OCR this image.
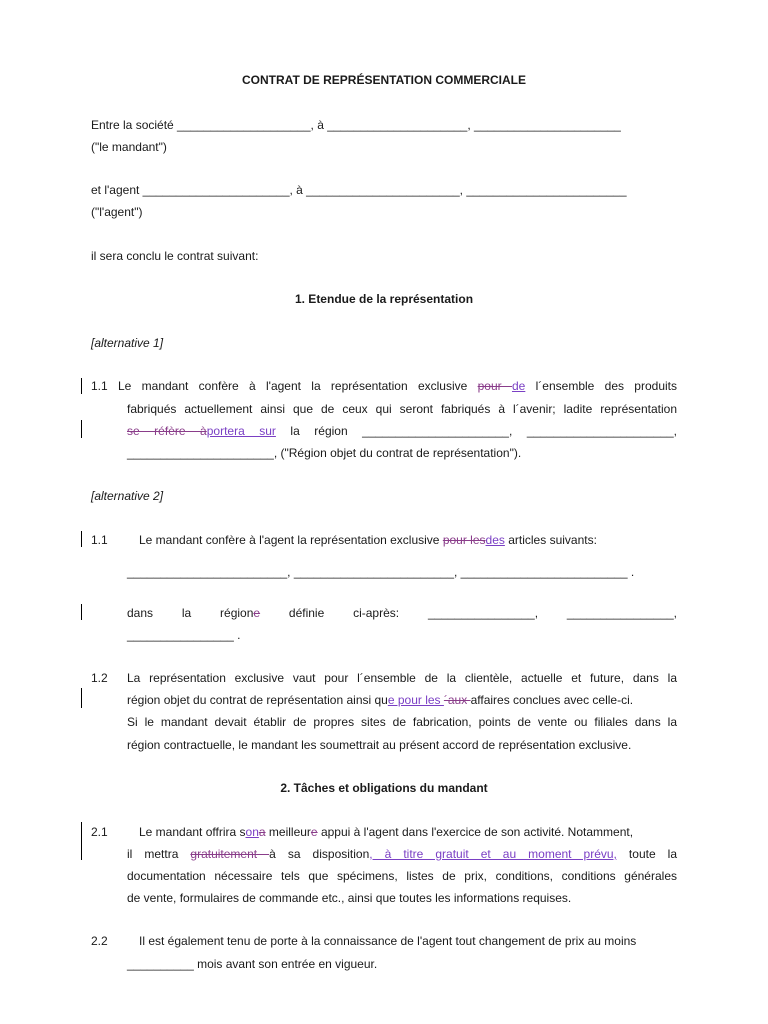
CONTRAT DE REPRÉSENTATION COMMERCIALE
Entre la société ____________________, à _____________________, ______________________
("le mandant")
et l'agent ______________________, à _______________________, ________________________
("l'agent")
il sera conclu le contrat suivant:
1. Etendue de la représentation
[alternative 1]
1.1 Le mandant confère à l'agent la représentation exclusive pour de l´ensemble des produits
fabriqués actuellement ainsi que de ceux qui seront fabriqués à l´avenir; ladite représentation
se réfère àportera sur la région ______________________, ______________________,
______________________, ("Région objet du contrat de représentation").
[alternative 2]
1.1	Le mandant confère à l'agent la représentation exclusive pour lesdes articles suivants:
________________________, ________________________, _________________________ .
dans la régione définie ci-après: ________________, ________________,
________________ .
1.2 La représentation exclusive vaut pour l´ensemble de la clientèle, actuelle et future, dans la
région objet du contrat de représentation ainsi que pour les ´aux affaires conclues avec celle-ci.
Si le mandant devait établir de propres sites de fabrication, points de vente ou filiales dans la
région contractuelle, le mandant les soumettrait au présent accord de représentation exclusive.
2. Tâches et obligations du mandant
2.1	Le mandant offrira sona meilleure appui à l'agent dans l'exercice de son activité. Notamment,
il mettra gratuitement à sa disposition, à titre gratuit et au moment prévu, toute la
documentation nécessaire tels que spécimens, listes de prix, conditions, conditions générales
de vente, formulaires de commande etc., ainsi que toutes les informations requises.
2.2	Il est également tenu de porte à la connaissance de l'agent tout changement de prix au moins
__________ mois avant son entrée en vigueur.
